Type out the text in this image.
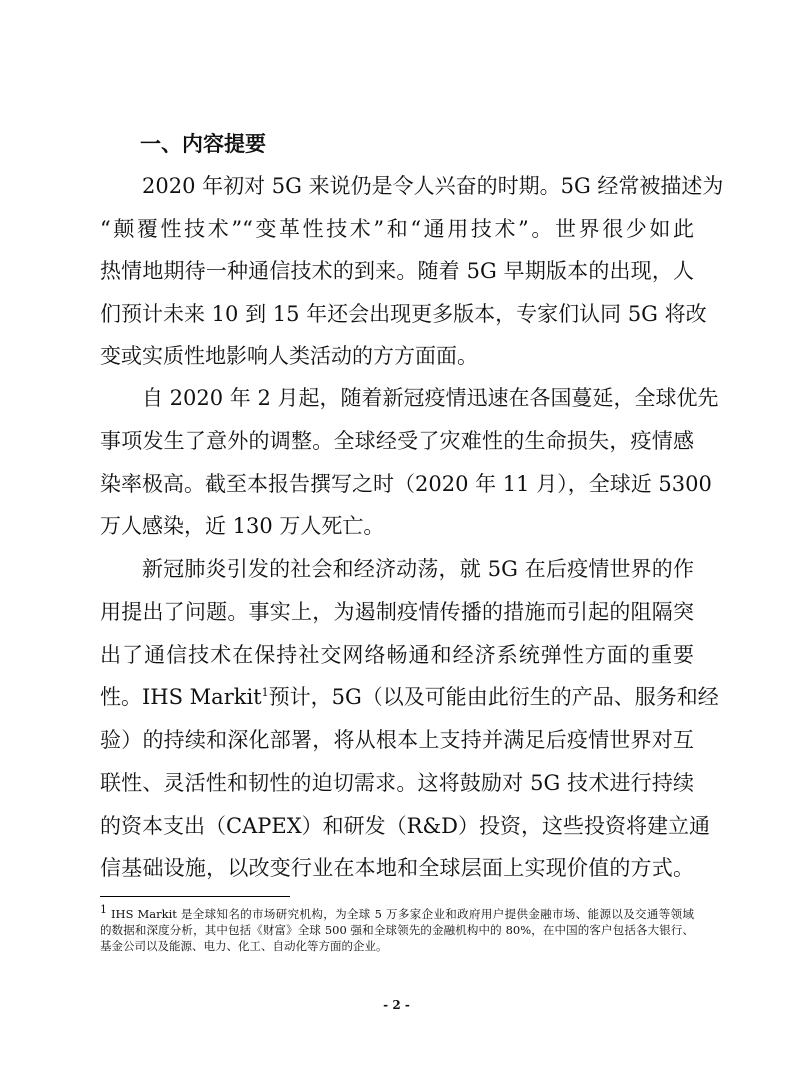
一、内容提要
2020 年初对 5G 来说仍是令人兴奋的时期。5G 经常被描述为
“颠覆性技术”“变革性技术”和“通用技术”。世界很少如此
热情地期待一种通信技术的到来。随着 5G 早期版本的出现，人
们预计未来 10 到 15 年还会出现更多版本，专家们认同 5G 将改
变或实质性地影响人类活动的方方面面。
自 2020 年 2 月起，随着新冠疫情迅速在各国蔓延，全球优先
事项发生了意外的调整。全球经受了灾难性的生命损失，疫情感
染率极高。截至本报告撰写之时（2020 年 11 月），全球近 5300
万人感染，近 130 万人死亡。
新冠肺炎引发的社会和经济动荡，就 5G 在后疫情世界的作
用提出了问题。事实上，为遏制疫情传播的措施而引起的阻隔突
出了通信技术在保持社交网络畅通和经济系统弹性方面的重要
性。IHS Markit$^1$预计，5G（以及可能由此衍生的产品、服务和经
验）的持续和深化部署，将从根本上支持并满足后疫情世界对互
联性、灵活性和韧性的迫切需求。这将鼓励对 5G 技术进行持续
的资本支出（CAPEX）和研发（R&D）投资，这些投资将建立通
信基础设施，以改变行业在本地和全球层面上实现价值的方式。
$^1$ IHS Markit 是全球知名的市场研究机构，为全球 5 万多家企业和政府用户提供金融市场、能源以及交通等领域
的数据和深度分析，其中包括《财富》全球 500 强和全球领先的金融机构中的 80%，在中国的客户包括各大银行、
基金公司以及能源、电力、化工、自动化等方面的企业。
- 2 -
